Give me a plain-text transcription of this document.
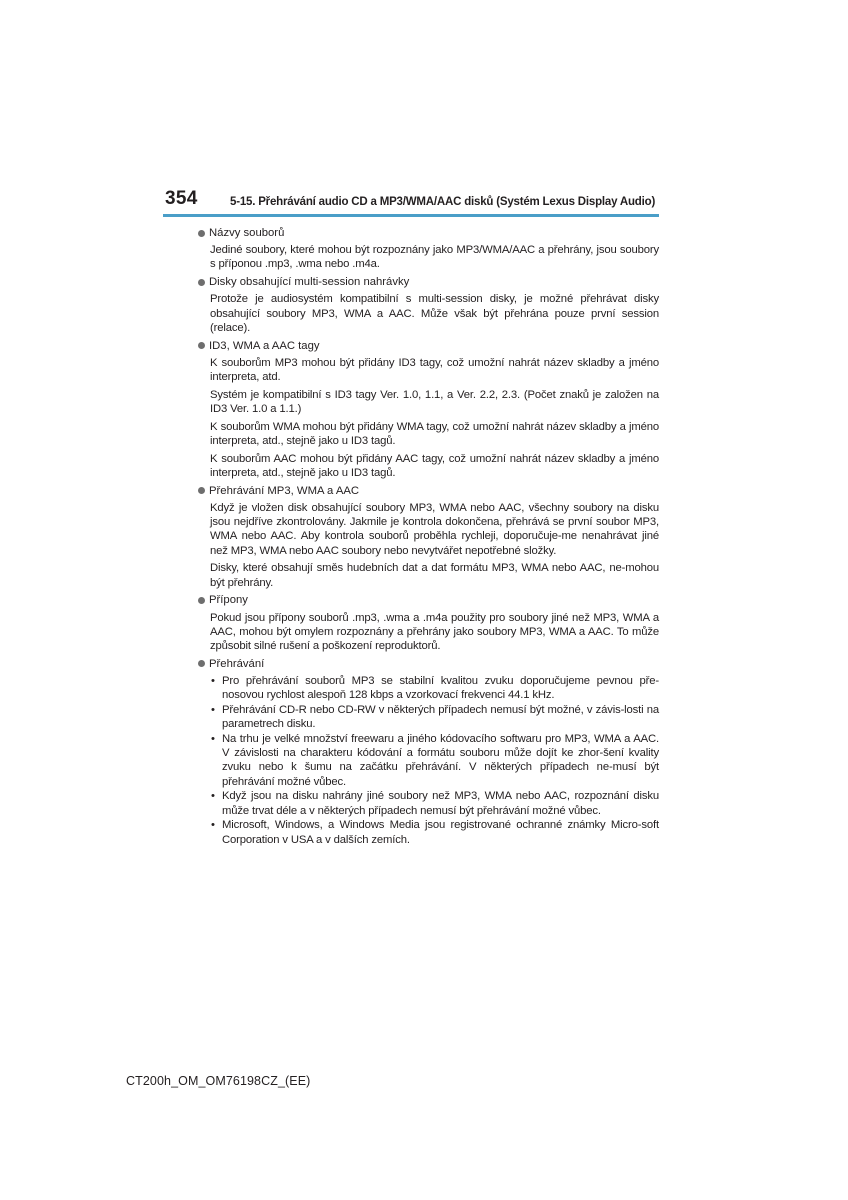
354	5-15. Přehrávání audio CD a MP3/WMA/AAC disků (Systém Lexus Display Audio)
Názvy souborů

Jediné soubory, které mohou být rozpoznány jako MP3/WMA/AAC a přehrány, jsou soubory s příponou .mp3, .wma nebo .m4a.

Disky obsahující multi-session nahrávky

Protože je audiosystém kompatibilní s multi-session disky, je možné přehrávat disky obsahující soubory MP3, WMA a AAC. Může však být přehrána pouze první session (relace).

ID3, WMA a AAC tagy

K souborům MP3 mohou být přidány ID3 tagy, což umožní nahrát název skladby a jméno interpreta, atd.

Systém je kompatibilní s ID3 tagy Ver. 1.0, 1.1, a Ver. 2.2, 2.3. (Počet znaků je založen na ID3 Ver. 1.0 a 1.1.)

K souborům WMA mohou být přidány WMA tagy, což umožní nahrát název skladby a jméno interpreta, atd., stejně jako u ID3 tagů.

K souborům AAC mohou být přidány AAC tagy, což umožní nahrát název skladby a jméno interpreta, atd., stejně jako u ID3 tagů.

Přehrávání MP3, WMA a AAC

Když je vložen disk obsahující soubory MP3, WMA nebo AAC, všechny soubory na disku jsou nejdříve zkontrolovány. Jakmile je kontrola dokončena, přehrává se první soubor MP3, WMA nebo AAC. Aby kontrola souborů proběhla rychleji, doporučuje-me nenahrávat jiné než MP3, WMA nebo AAC soubory nebo nevytvářet nepotřebné složky.

Disky, které obsahují směs hudebních dat a dat formátu MP3, WMA nebo AAC, ne-mohou být přehrány.

Přípony

Pokud jsou přípony souborů .mp3, .wma a .m4a použity pro soubory jiné než MP3, WMA a AAC, mohou být omylem rozpoznány a přehrány jako soubory MP3, WMA a AAC. To může způsobit silné rušení a poškození reproduktorů.

Přehrávání
• Pro přehrávání souborů MP3 se stabilní kvalitou zvuku doporučujeme pevnou pře-nosovou rychlost alespoň 128 kbps a vzorkovací frekvenci 44.1 kHz.
• Přehrávání CD-R nebo CD-RW v některých případech nemusí být možné, v závis-losti na parametrech disku.
• Na trhu je velké množství freewaru a jiného kódovacího softwaru pro MP3, WMA a AAC. V závislosti na charakteru kódování a formátu souboru může dojít ke zhor-šení kvality zvuku nebo k šumu na začátku přehrávání. V některých případech ne-musí být přehrávání možné vůbec.
• Když jsou na disku nahrány jiné soubory než MP3, WMA nebo AAC, rozpoznání disku může trvat déle a v některých případech nemusí být přehrávání možné vůbec.
• Microsoft, Windows, a Windows Media jsou registrované ochranné známky Micro-soft Corporation v USA a v dalších zemích.
CT200h_OM_OM76198CZ_(EE)
